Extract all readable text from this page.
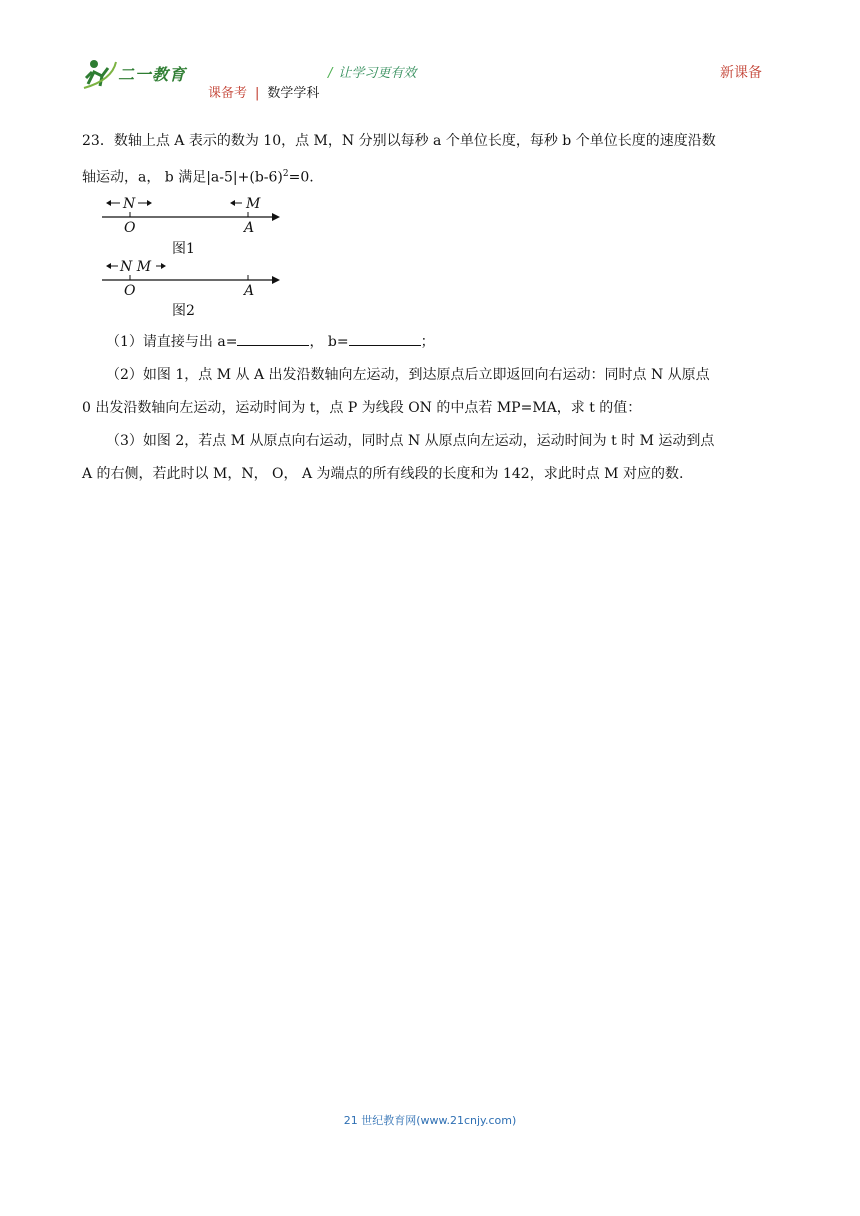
二一教育	/ 让学习更有效	新课备
课备考 | 数学学科
23．数轴上点 A 表示的数为 10，点 M，N 分别以每秒 a 个单位长度，每秒 b 个单位长度的速度沿数
轴运动，a， b 满足$|a-5|+(b-6)^2=0$.
N	M
O	A
图1
N M
O	A
图2
（1）请直接与出 a=	， b=	；
（2）如图 1，点 M 从 A 出发沿数轴向左运动，到达原点后立即返回向右运动：同时点 N 从原点
0 出发沿数轴向左运动，运动时间为 t，点 P 为线段 ON 的中点若 MP=MA，求 t 的值：
（3）如图 2，若点 M 从原点向右运动，同时点 N 从原点向左运动，运动时间为 t 时 M 运动到点
A 的右侧，若此时以 M，N， O， A 为端点的所有线段的长度和为 142，求此时点 M 对应的数.
21 世纪教育网(www.21cnjy.com)
